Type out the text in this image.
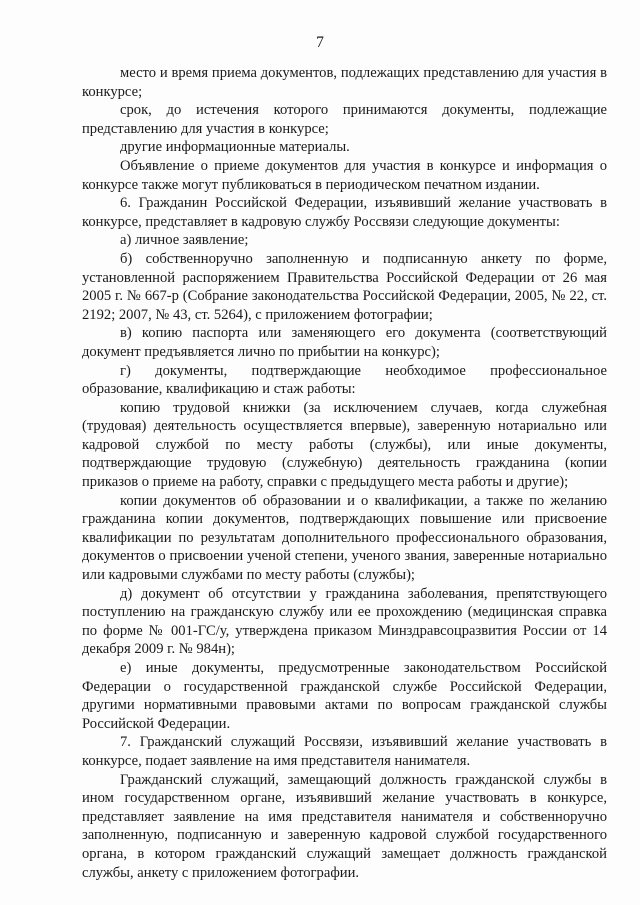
7

место и время приема документов, подлежащих представлению для участия в конкурсе;

срок, до истечения которого принимаются документы, подлежащие представлению для участия в конкурсе;

другие информационные материалы.

Объявление о приеме документов для участия в конкурсе и информация о конкурсе также могут публиковаться в периодическом печатном издании.

6. Гражданин Российской Федерации, изъявивший желание участвовать в конкурсе, представляет в кадровую службу Россвязи следующие документы:

а) личное заявление;

б) собственноручно заполненную и подписанную анкету по форме, установленной распоряжением Правительства Российской Федерации от 26 мая 2005 г. № 667-р (Собрание законодательства Российской Федерации, 2005, № 22, ст. 2192; 2007, № 43, ст. 5264), с приложением фотографии;

в) копию паспорта или заменяющего его документа (соответствующий документ предъявляется лично по прибытии на конкурс);

г) документы, подтверждающие необходимое профессиональное образование, квалификацию и стаж работы:

копию трудовой книжки (за исключением случаев, когда служебная (трудовая) деятельность осуществляется впервые), заверенную нотариально или кадровой службой по месту работы (службы), или иные документы, подтверждающие трудовую (служебную) деятельность гражданина (копии приказов о приеме на работу, справки с предыдущего места работы и другие);

копии документов об образовании и о квалификации, а также по желанию гражданина копии документов, подтверждающих повышение или присвоение квалификации по результатам дополнительного профессионального образования, документов о присвоении ученой степени, ученого звания, заверенные нотариально или кадровыми службами по месту работы (службы);

д) документ об отсутствии у гражданина заболевания, препятствующего поступлению на гражданскую службу или ее прохождению (медицинская справка по форме № 001-ГС/у, утверждена приказом Минздравсоцразвития России от 14 декабря 2009 г. № 984н);

е) иные документы, предусмотренные законодательством Российской Федерации о государственной гражданской службе Российской Федерации, другими нормативными правовыми актами по вопросам гражданской службы Российской Федерации.

7. Гражданский служащий Россвязи, изъявивший желание участвовать в конкурсе, подает заявление на имя представителя нанимателя.

Гражданский служащий, замещающий должность гражданской службы в ином государственном органе, изъявивший желание участвовать в конкурсе, представляет заявление на имя представителя нанимателя и собственноручно заполненную, подписанную и заверенную кадровой службой государственного органа, в котором гражданский служащий замещает должность гражданской службы, анкету с приложением фотографии.
